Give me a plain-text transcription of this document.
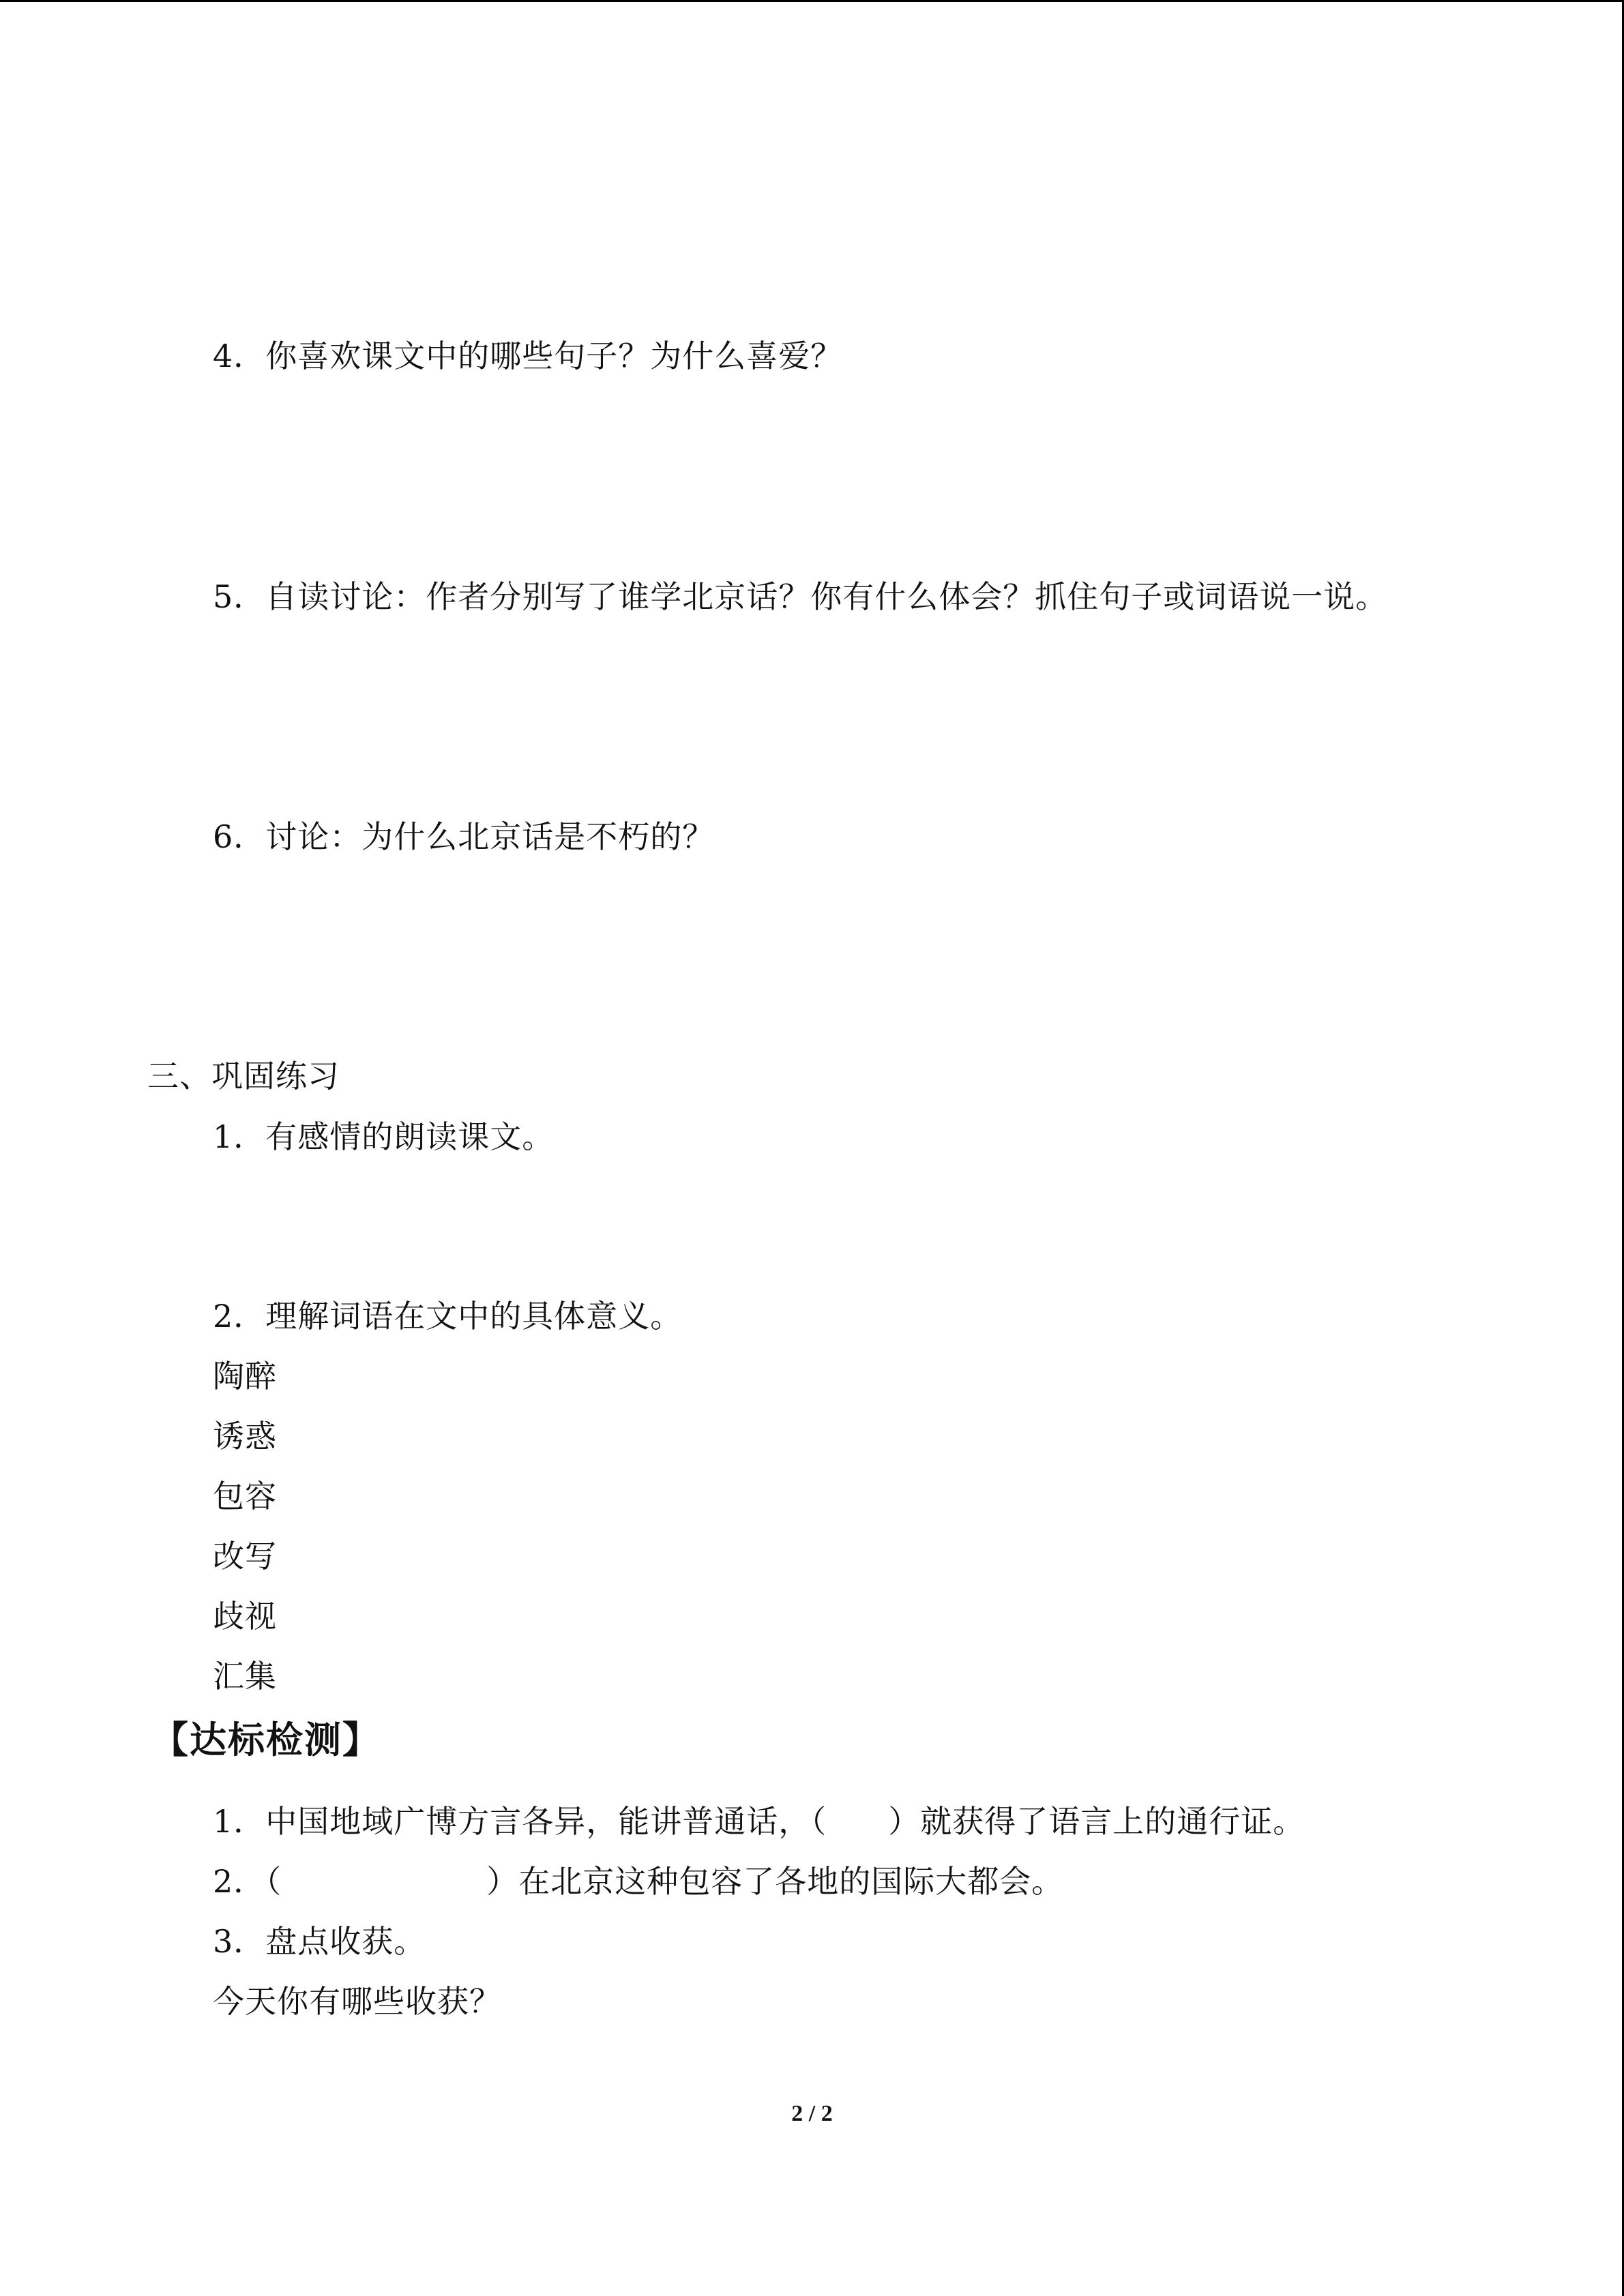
4．你喜欢课文中的哪些句子？为什么喜爱？
5．自读讨论：作者分别写了谁学北京话？你有什么体会？抓住句子或词语说一说。
6．讨论：为什么北京话是不朽的？
三、巩固练习
1．有感情的朗读课文。
2．理解词语在文中的具体意义。
陶醉
诱惑
包容
改写
歧视
汇集
【达标检测】
1．中国地域广博方言各异，能讲普通话，（ ）就获得了语言上的通行证。
2．（	）在北京这种包容了各地的国际大都会。
3．盘点收获。
今天你有哪些收获？
2 / 2
